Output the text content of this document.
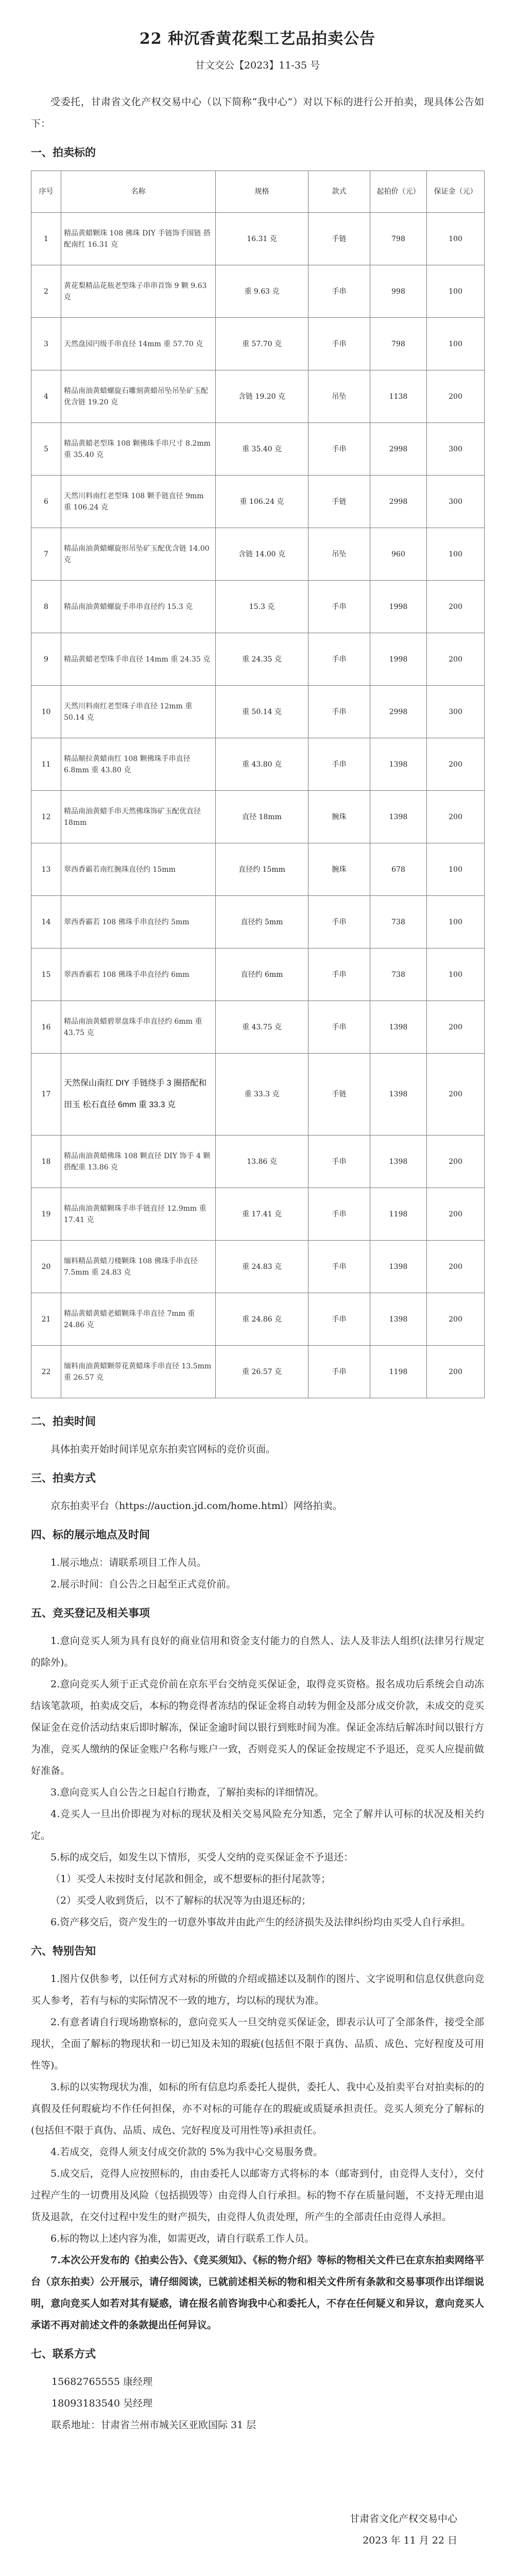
22 种沉香黄花梨工艺品拍卖公告
甘文交公【2023】11-35 号

受委托，甘肃省文化产权交易中心（以下简称“我中心”）对以下标的进行公开拍卖，现具体公告如下：

一、拍卖标的
序号	名称	规格	款式	起拍价（元）	保证金（元）
1	精品黄蜡颗珠 108 佛珠 DIY 手链饰手围链 搭配南红 16.31 克	16.31 克	手链	798	100
2	黄花梨精品花瓶老型珠子串串首饰 9 颗 9.63 克	重 9.63 克	手串	998	100
3	天然盘园円级手串直径 14mm 重 57.70 克	重 57.70 克	手串	798	100
4	精品南油黄蜡螺旋石雕刻黄蜡吊坠吊坠矿玉配优含链 19.20 克	含链 19.20 克	吊坠	1138	200
5	精品黄蜡老型珠 108 颗佛珠手串尺寸 8.2mm 重 35.40 克	重 35.40 克	手串	2998	300
6	天然川料南红老型珠 108 颗手链直径 9mm 重 106.24 克	重 106.24 克	手链	2998	300
7	精品南油黄蜡螺旋形吊坠矿玉配优含链 14.00 克	含链 14.00 克	吊坠	960	100
8	精品南油黄蜡螺旋手串串直径约 15.3 克	15.3 克	手串	1998	200
9	精品黄蜡老型珠手串直径 14mm 重 24.35 克	重 24.35 克	手串	1998	200
10	天然川料南红老型珠子串直径 12mm 重 50.14 克	重 50.14 克	手串	2998	300
11	精品顺拉黄蜡南红 108 颗佛珠手串直径 6.8mm 重 43.80 克	重 43.80 克	手串	1398	200
12	精品南油黄蜡手串天然佛珠饰矿玉配优直径 18mm	直径 18mm	腕珠	1398	200
13	翠西香霸若南红腕珠直径约 15mm	直径约 15mm	腕珠	678	100
14	翠西香霸若 108 佛珠手串直径约 5mm	直径约 5mm	手串	738	100
15	翠西香霸若 108 佛珠手串直径约 6mm	直径约 6mm	手串	738	100
16	精品南油黄蜡碧翠盘珠手串直径约 6mm 重 43.75 克	重 43.75 克	手串	1398	200
17	天然保山南红 DIY 手链绕手 3 圈搭配和田玉 松石直径 6mm 重 33.3 克	重 33.3 克	手链	1398	200
18	精品南油黄蜡佛珠 108 颗直径 DIY 饰手 4 颗搭配重 13.86 克	13.86 克	手串	1398	200
19	精品南油黄蜡颗珠手串手链直径 12.9mm 重 17.41 克	重 17.41 克	手串	1198	200
20	缅料精品黄蜡刀楼颗珠 108 佛珠手串直径 7.5mm 重 24.83 克	重 24.83 克	手串	1398	200
21	精品黄蜡黄蜡老蜡颗珠手串直径 7mm 重 24.86 克	重 24.86 克	手串	1398	200
22	缅料南油黄蜡颗带花黄蜡珠手串直径 13.5mm 重 26.57 克	重 26.57 克	手串	1198	200
二、拍卖时间

具体拍卖开始时间详见京东拍卖官网标的竞价页面。

三、拍卖方式

京东拍卖平台（https://auction.jd.com/home.html）网络拍卖。

四、标的展示地点及时间

1.展示地点：请联系项目工作人员。

2.展示时间：自公告之日起至正式竞价前。

五、竞买登记及相关事项

1.意向竞买人须为具有良好的商业信用和资金支付能力的自然人、法人及非法人组织(法律另行规定的除外)。

2.意向竞买人须于正式竞价前在京东平台交纳竞买保证金，取得竞买资格。报名成功后系统会自动冻结该笔款项，拍卖成交后，本标的物竞得者冻结的保证金将自动转为佣金及部分成交价款，未成交的竞买保证金在竞价活动结束后即时解冻，保证金逾时间以银行到账时间为准。保证金冻结后解冻时间以银行方为准，竞买人缴纳的保证金账户名称与账户一致，否则竞买人的保证金按规定不予退还，竞买人应提前做好准备。

3.意向竞买人自公告之日起自行勘查，了解拍卖标的详细情况。

4.竞买人一旦出价即视为对标的现状及相关交易风险充分知悉，完全了解并认可标的状况及相关约定。

5.标的成交后，如发生以下情形，买受人交纳的竞买保证金不予退还：

（1）买受人未按时支付尾款和佣金，或不想要标的拒付尾款等；

（2）买受人收到货后，以不了解标的状况等为由退还标的；

6.资产移交后，资产发生的一切意外事故并由此产生的经济损失及法律纠纷均由买受人自行承担。

六、特别告知

1.图片仅供参考，以任何方式对标的所做的介绍或描述以及制作的图片、文字说明和信息仅供意向竞买人参考，若有与标的实际情况不一致的地方，均以标的现状为准。

2.有意者请自行现场勘察标的，意向竞买人一旦交纳竞买保证金，即表示认可了全部条件，接受全部现状，全面了解标的物现状和一切已知及未知的瑕疵(包括但不限于真伪、品质、成色、完好程度及可用性等)。

3.标的以实物现状为准，如标的所有信息均系委托人提供，委托人、我中心及拍卖平台对拍卖标的的真假及任何瑕疵均不作任何担保，亦不对标的可能存在的瑕疵或质疑承担责任。竞买人须充分了解标的(包括但不限于真伪、品质、成色、完好程度及可用性等)承担责任。

4.若成交，竞得人须支付成交价款的 5%为我中心交易服务费。

5.成交后，竞得人应按照标的，由由委托人以邮寄方式将标的本（邮寄到付，由竞得人支付），交付过程产生的一切费用及风险（包括损毁等）由竞得人自行承担。标的物不存在质量问题，不支持无理由退货及退款，在交付过程中发生的财产损失，由竞得人负责处理，所产生的全部责任由竞得人承担。

6.标的物以上述内容为准，如需更改，请自行联系工作人员。

7.本次公开发布的《拍卖公告》、《竞买须知》、《标的物介绍》等标的物相关文件已在京东拍卖网络平台（京东拍卖）公开展示，请仔细阅读，已就前述相关标的物和相关文件所有条款和交易事项作出详细说明，意向竞买人如若对其有疑惑，请在报名前咨询我中心和委托人，不存在任何疑义和异议，意向竞买人承诺不再对前述文件的条款提出任何异议。

七、联系方式

15682765555 康经理

18093183540 吴经理

联系地址：甘肃省兰州市城关区亚欧国际 31 层

甘肃省文化产权交易中心
2023 年 11 月 22 日
